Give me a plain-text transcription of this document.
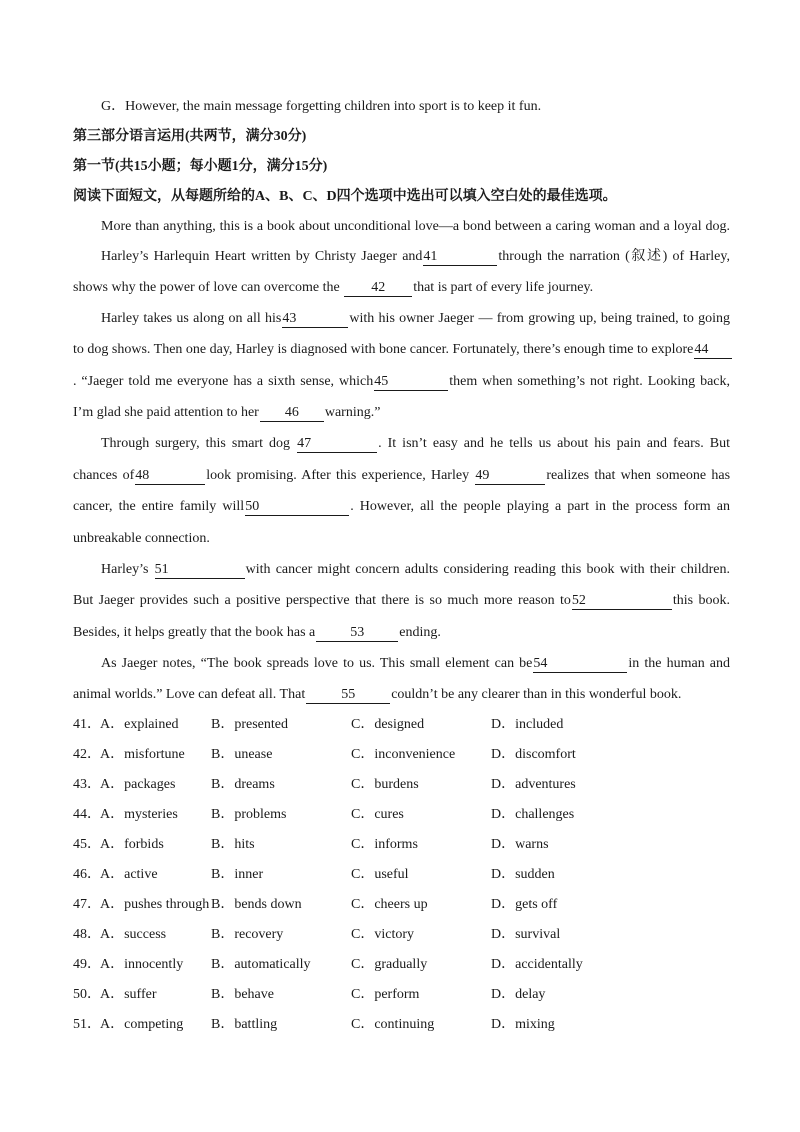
G．However, the main message forgetting children into sport is to keep it fun.
第三部分语言运用(共两节，满分30分)
第一节(共15小题；每小题1分，满分15分)
阅读下面短文，从每题所给的A、B、C、D四个选项中选出可以填入空白处的最佳选项。
More than anything, this is a book about unconditional love—a bond between a caring woman and a loyal dog.
Harley’s Harlequin Heart written by Christy Jaeger and41	through the narration (叙述) of Harley,
shows why the power of love can overcome the 42 that is part of every life journey.
Harley takes us along on all his43	with his owner Jaeger — from growing up, being trained, to going
to dog shows. Then one day, Harley is diagnosed with bone cancer. Fortunately, there’s enough time to explore44
. “Jaeger told me everyone has a sixth sense, which45	them when something’s not right. Looking back,
I’m glad she paid attention to her 46 warning.”
Through surgery, this smart dog 47	. It isn’t easy and he tells us about his pain and fears. But
chances of48	look promising. After this experience, Harley 49	realizes that when someone has
cancer, the entire family will50	. However, all the people playing a part in the process form an
unbreakable connection.
Harley’s 51	with cancer might concern adults considering reading this book with their children.
But Jaeger provides such a positive perspective that there is so much more reason to52	this book.
Besides, it helps greatly that the book has a	53	ending.
As Jaeger notes, “The book spreads love to us. This small element can be54	in the human and
animal worlds.” Love can defeat all. That	55	couldn’t be any clearer than in this wonderful book.
41． A．explained B．presented	C．designed	D．included
42． A．misfortune B．unease	C．inconvenience	D．discomfort
43． A．packages	B．dreams	C．burdens	D．adventures
44． A．mysteries B．problems	C．cures	D．challenges
45． A．forbids	B．hits	C．informs	D．warns
46． A．active	B．inner	C．useful	D．sudden
47． A．pushes through B．bends down	C．cheers up	D．gets off
48． A．success	B．recovery	C．victory	D．survival
49． A．innocently B．automatically	C．gradually	D．accidentally
50． A．suffer	B．behave	C．perform	D．delay
51． A．competing B．battling	C．continuing	D．mixing
